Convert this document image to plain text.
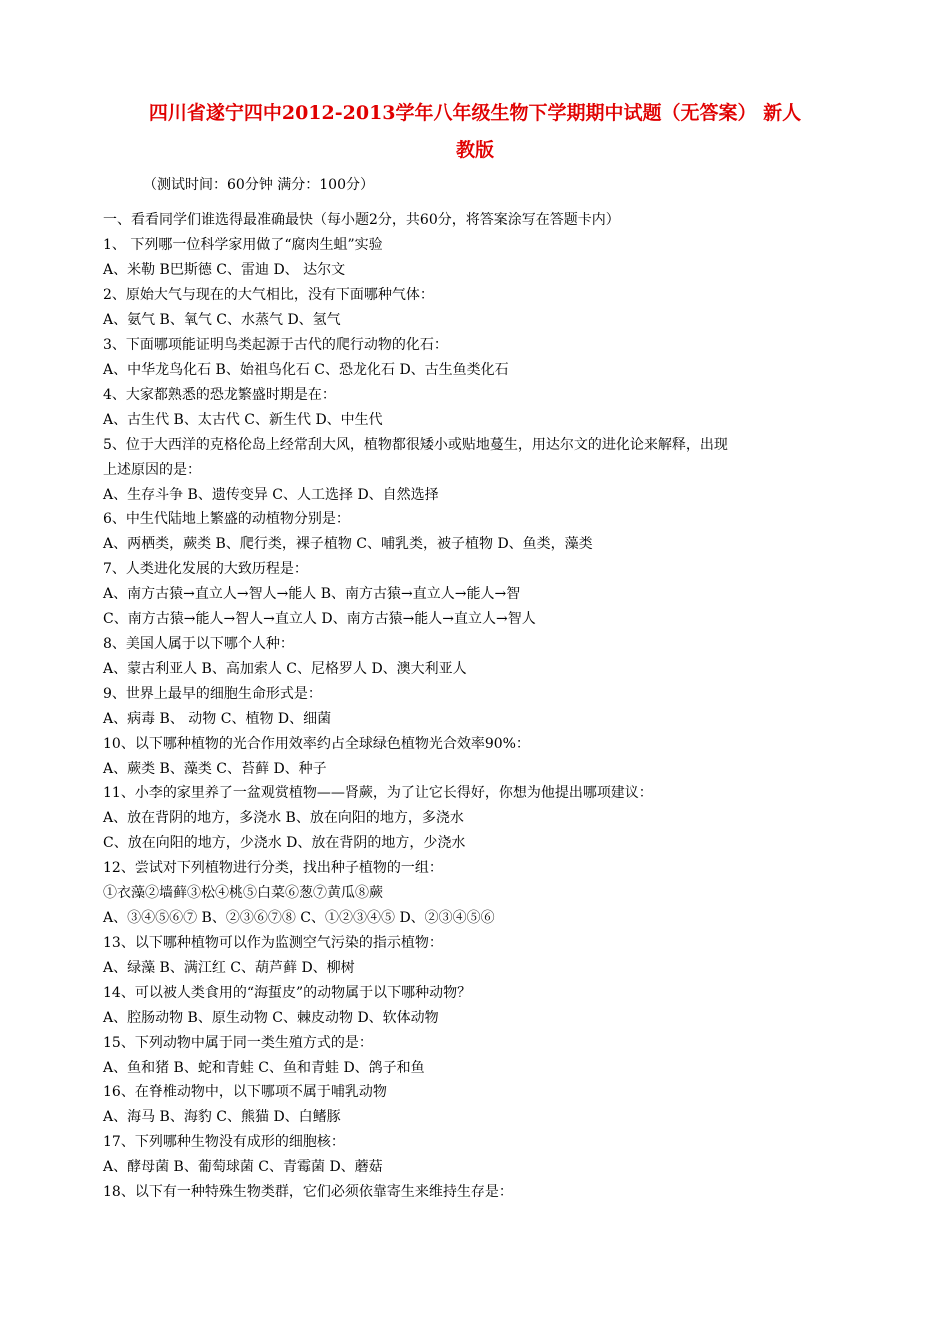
四川省遂宁四中2012-2013学年八年级生物下学期期中试题（无答案） 新人
教版
（测试时间：60分钟 满分：100分）
一、看看同学们谁选得最准确最快（每小题2分，共60分，将答案涂写在答题卡内）
1、 下列哪一位科学家用做了“腐肉生蛆”实验
A、米勒 B巴斯德 C、雷迪 D、 达尔文
2、原始大气与现在的大气相比，没有下面哪种气体：
A、氨气 B、氧气 C、水蒸气 D、氢气
3、下面哪项能证明鸟类起源于古代的爬行动物的化石：
A、中华龙鸟化石 B、始祖鸟化石 C、恐龙化石 D、古生鱼类化石
4、大家都熟悉的恐龙繁盛时期是在：
A、古生代 B、太古代 C、新生代 D、中生代
5、位于大西洋的克格伦岛上经常刮大风，植物都很矮小或贴地蔓生，用达尔文的进化论来解释，出现
上述原因的是：
A、生存斗争 B、遗传变异 C、人工选择 D、自然选择
6、中生代陆地上繁盛的动植物分别是：
A、两栖类，蕨类 B、爬行类，裸子植物 C、哺乳类，被子植物 D、鱼类，藻类
7、人类进化发展的大致历程是：
A、南方古猿→直立人→智人→能人 B、南方古猿→直立人→能人→智
C、南方古猿→能人→智人→直立人 D、南方古猿→能人→直立人→智人
8、美国人属于以下哪个人种：
A、蒙古利亚人 B、高加索人 C、尼格罗人 D、澳大利亚人
9、世界上最早的细胞生命形式是：
A、病毒 B、 动物 C、植物 D、细菌
10、以下哪种植物的光合作用效率约占全球绿色植物光合效率90%：
A、蕨类 B、藻类 C、苔藓 D、种子
11、小李的家里养了一盆观赏植物——肾蕨，为了让它长得好，你想为他提出哪项建议：
A、放在背阴的地方，多浇水 B、放在向阳的地方，多浇水
C、放在向阳的地方，少浇水 D、放在背阴的地方，少浇水
12、尝试对下列植物进行分类，找出种子植物的一组：
①衣藻②墙藓③松④桃⑤白菜⑥葱⑦黄瓜⑧蕨
A、③④⑤⑥⑦ B、②③⑥⑦⑧ C、①②③④⑤ D、②③④⑤⑥
13、以下哪种植物可以作为监测空气污染的指示植物：
A、绿藻 B、满江红 C、葫芦藓 D、柳树
14、可以被人类食用的“海蜇皮”的动物属于以下哪种动物？
A、腔肠动物 B、原生动物 C、棘皮动物 D、软体动物
15、下列动物中属于同一类生殖方式的是：
A、鱼和猪 B、蛇和青蛙 C、鱼和青蛙 D、鸽子和鱼
16、在脊椎动物中，以下哪项不属于哺乳动物
A、海马 B、海豹 C、熊猫 D、白鳍豚
17、下列哪种生物没有成形的细胞核：
A、酵母菌 B、葡萄球菌 C、青霉菌 D、蘑菇
18、以下有一种特殊生物类群，它们必须依靠寄生来维持生存是：
